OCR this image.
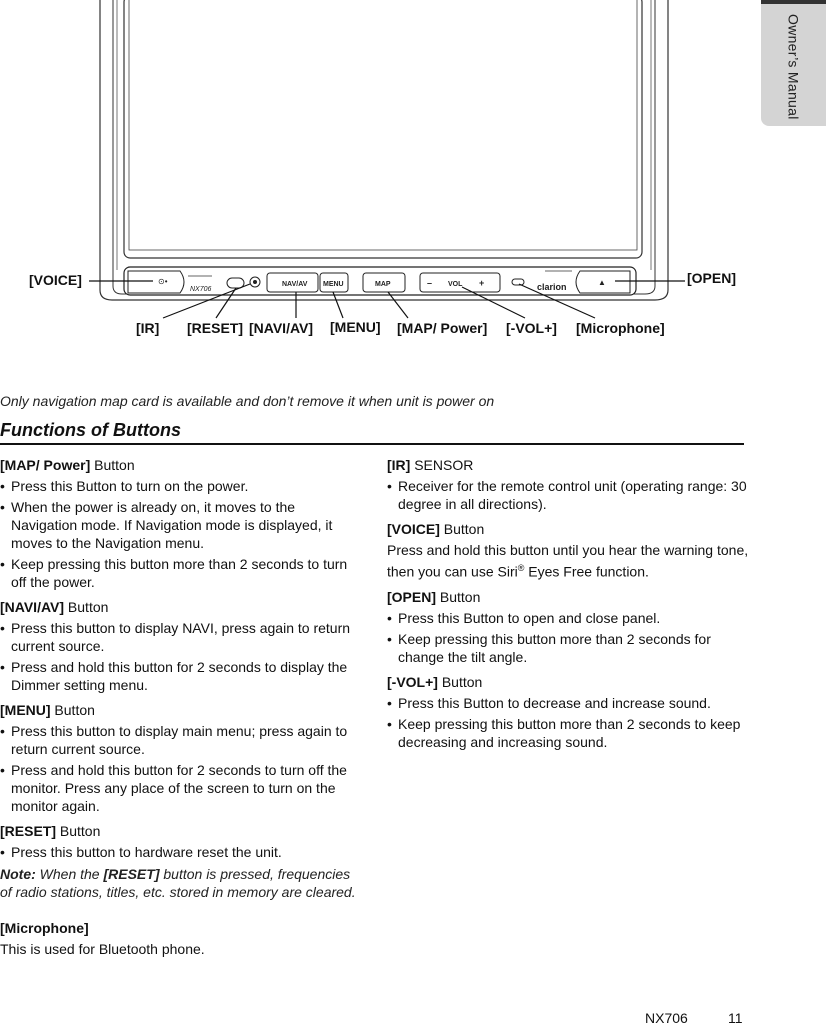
Owner’s Manual
⊙•
NX706
NAV/AV MENU	MAP	– VOL +	clarion	▲
[VOICE]	[OPEN]
[IR] [RESET] [NAVI/AV] [MENU] [MAP/ Power] [-VOL+] [Microphone]
Only navigation map card is available and don’t remove it when unit is power on
Functions of Buttons
[MAP/ Power] Button
• Press this Button to turn on the power.
• When the power is already on, it moves to the Navigation mode. If Navigation mode is displayed, it moves to the Navigation menu.
• Keep pressing this button more than 2 seconds to turn off the power.
[NAVI/AV] Button
• Press this button to display NAVI, press again to return current source.
• Press and hold this button for 2 seconds to display the Dimmer setting menu.
[MENU] Button
• Press this button to display main menu; press again to return current source.
• Press and hold this button for 2 seconds to turn off the monitor. Press any place of the screen to turn on the monitor again.
[RESET] Button
• Press this button to hardware reset the unit.
Note: When the [RESET] button is pressed, frequencies of radio stations, titles, etc. stored in memory are cleared.
[Microphone]
This is used for Bluetooth phone.
[IR] SENSOR
• Receiver for the remote control unit (operating range: 30 degree in all directions).
[VOICE] Button
Press and hold this button until you hear the warning tone, then you can use Siri® Eyes Free function.
[OPEN] Button
• Press this Button to open and close panel.
• Keep pressing this button more than 2 seconds for change the tilt angle.
[-VOL+] Button
• Press this Button to decrease and increase sound.
• Keep pressing this button more than 2 seconds to keep decreasing and increasing sound.
NX706	11
